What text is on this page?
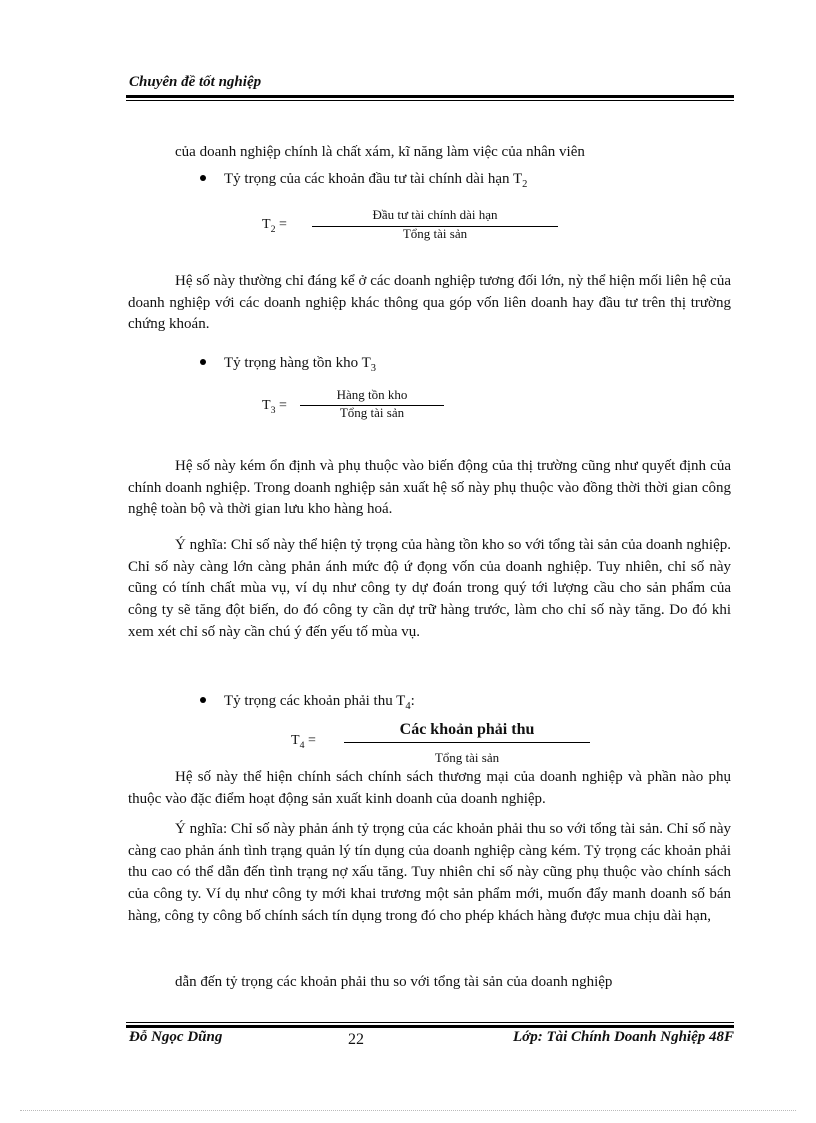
Chuyên đề tốt nghiệp

của doanh nghiệp chính là chất xám, kĩ năng làm việc của nhân viên

Tỷ trọng của các khoản đầu tư tài chính dài hạn $T_2$
$T_2$ =
Đầu tư tài chính dài hạn
Tổng tài sản

Hệ số này thường chỉ đáng kể ở các doanh nghiệp tương đối lớn, nỳ thể hiện mối liên hệ của doanh nghiệp với các doanh nghiệp khác thông qua góp vốn liên doanh hay đầu tư trên thị trường chứng khoán.

Tỷ trọng hàng tồn kho $T_3$
$T_3$ =
Hàng tồn kho
Tổng tài sản

Hệ số này kém ổn định và phụ thuộc vào biến động của thị trường cũng như quyết định của chính doanh nghiệp. Trong doanh nghiệp sản xuất hệ số này phụ thuộc vào đồng thời thời gian công nghệ toàn bộ và thời gian lưu kho hàng hoá.

Ý nghĩa: Chỉ số này thể hiện tỷ trọng của hàng tồn kho so với tổng tài sản của doanh nghiệp. Chỉ số này càng lớn càng phản ánh mức độ ứ đọng vốn của doanh nghiệp. Tuy nhiên, chỉ số này cũng có tính chất mùa vụ, ví dụ như công ty dự đoán trong quý tới lượng cầu cho sản phẩm của công ty sẽ tăng đột biến, do đó công ty cần dự trữ hàng trước, làm cho chỉ số này tăng. Do đó khi xem xét chỉ số này cần chú ý đến yếu tố mùa vụ.

Tỷ trọng các khoản phải thu $T_4$:
$T_4$ =
Các khoản phải thu
Tổng tài sản

Hệ số này thể hiện chính sách chính sách thương mại của doanh nghiệp và phần nào phụ thuộc vào đặc điểm hoạt động sản xuất kinh doanh của doanh nghiệp.

Ý nghĩa: Chỉ số này phản ánh tỷ trọng của các khoản phải thu so với tổng tài sản. Chỉ số này càng cao phản ánh tình trạng quản lý tín dụng của doanh nghiệp càng kém. Tỷ trọng các khoản phải thu cao có thể dẫn đến tình trạng nợ xấu tăng. Tuy nhiên chỉ số này cũng phụ thuộc vào chính sách của công ty. Ví dụ như công ty mới khai trương một sản phẩm mới, muốn đẩy manh doanh số bán hàng, công ty công bố chính sách tín dụng trong đó cho phép khách hàng được mua chịu dài hạn,

dẫn đến tỷ trọng các khoản phải thu so với tổng tài sản của doanh nghiệp

Đỗ Ngọc Dũng	22	Lớp: Tài Chính Doanh Nghiệp 48F
